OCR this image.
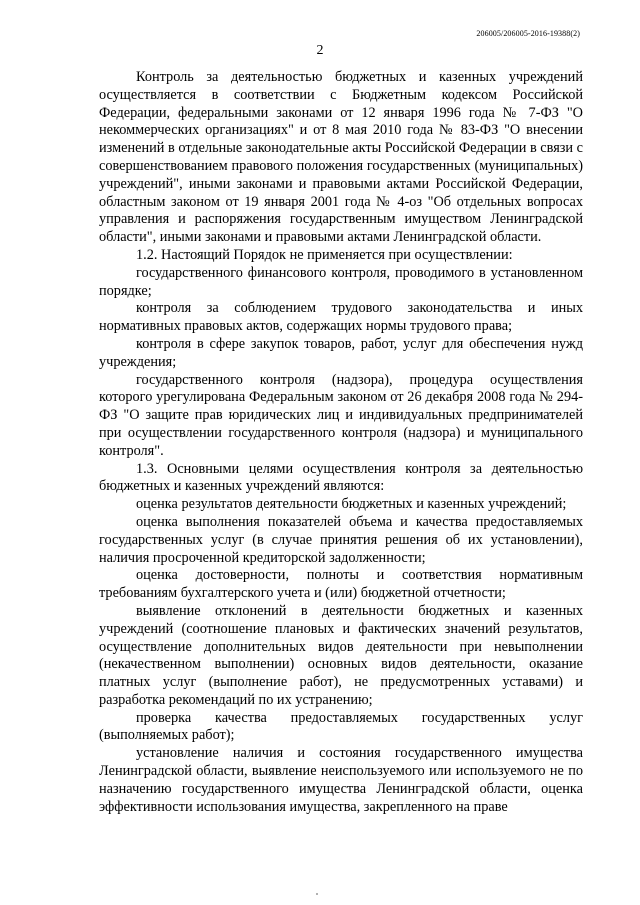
206005/206005-2016-19388(2)
2

Контроль за деятельностью бюджетных и казенных учреждений осуществляется в соответствии с Бюджетным кодексом Российской Федерации, федеральными законами от 12 января 1996 года № 7-ФЗ "О некоммерческих организациях" и от 8 мая 2010 года № 83-ФЗ "О внесении изменений в отдельные законодательные акты Российской Федерации в связи с совершенствованием правового положения государственных (муниципальных) учреждений", иными законами и правовыми актами Российской Федерации, областным законом от 19 января 2001 года № 4-оз "Об отдельных вопросах управления и распоряжения государственным имуществом Ленинградской области", иными законами и правовыми актами Ленинградской области.

1.2. Настоящий Порядок не применяется при осуществлении:

государственного финансового контроля, проводимого в установленном порядке;

контроля за соблюдением трудового законодательства и иных нормативных правовых актов, содержащих нормы трудового права;

контроля в сфере закупок товаров, работ, услуг для обеспечения нужд учреждения;

государственного контроля (надзора), процедура осуществления которого урегулирована Федеральным законом от 26 декабря 2008 года № 294-ФЗ "О защите прав юридических лиц и индивидуальных предпринимателей при осуществлении государственного контроля (надзора) и муниципального контроля".

1.3. Основными целями осуществления контроля за деятельностью бюджетных и казенных учреждений являются:

оценка результатов деятельности бюджетных и казенных учреждений;

оценка выполнения показателей объема и качества предоставляемых государственных услуг (в случае принятия решения об их установлении), наличия просроченной кредиторской задолженности;

оценка достоверности, полноты и соответствия нормативным требованиям бухгалтерского учета и (или) бюджетной отчетности;

выявление отклонений в деятельности бюджетных и казенных учреждений (соотношение плановых и фактических значений результатов, осуществление дополнительных видов деятельности при невыполнении (некачественном выполнении) основных видов деятельности, оказание платных услуг (выполнение работ), не предусмотренных уставами) и разработка рекомендаций по их устранению;

проверка качества предоставляемых государственных услуг (выполняемых работ);

установление наличия и состояния государственного имущества Ленинградской области, выявление неиспользуемого или используемого не по назначению государственного имущества Ленинградской области, оценка эффективности использования имущества, закрепленного на праве
